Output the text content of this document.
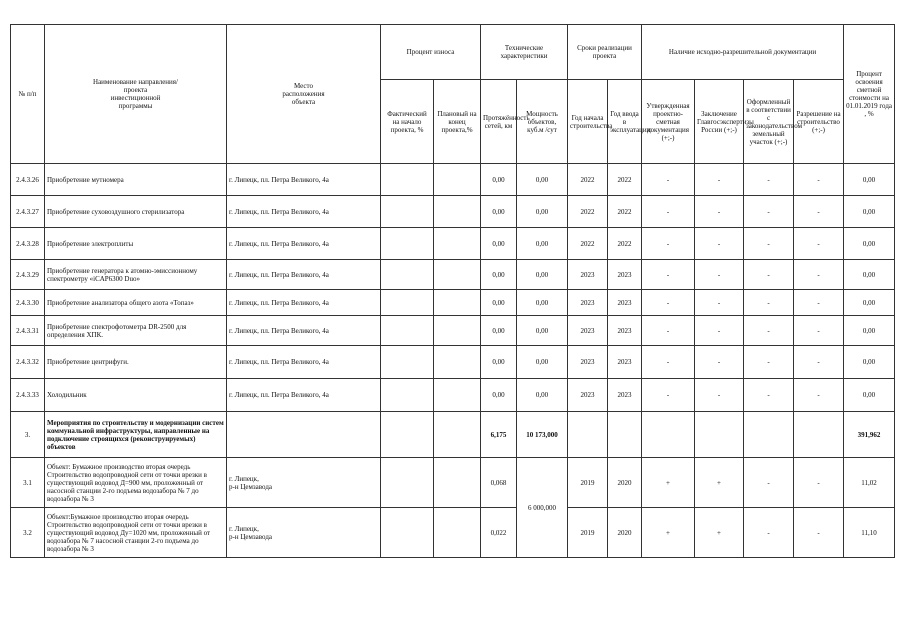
№ п/п	Наименование направления/
проекта
инвестиционной
программы	Место
расположения
объекта	Процент износа		Технические характеристики		Сроки реализации проекта		Наличие исходно-разрешительной документации				Процент освоения сметной стоимости на 01.01.2019 года , %
			Фактический на начало проекта, %	Плановый на конец проекта,%	Протяжённость сетей, км	Мощность объектов, куб.м /сут	Год начала строительства	Год ввода в эксплуатацию	Утвержденная проектно-сметная документация (+;-)	Заключение Главгосэкспертизы России (+;-)	Оформленный в соответствии с законодательством земельный участок (+;-)	Разрешение на строительство (+;-)	
2.4.3.26	Приобретение мутномера	г. Липецк, пл. Петра Великого, 4а			0,00	0,00	2022	2022	-	-	-	-	0,00
2.4.3.27	Приобретение суховоздушного стерилизатора	г. Липецк, пл. Петра Великого, 4а			0,00	0,00	2022	2022	-	-	-	-	0,00
2.4.3.28	Приобретение электроплиты	г. Липецк, пл. Петра Великого, 4а			0,00	0,00	2022	2022	-	-	-	-	0,00
2.4.3.29	Приобретение генератора к атомно-эмиссионному спектрометру «iCAP6300 Duo»	г. Липецк, пл. Петра Великого, 4а			0,00	0,00	2023	2023	-	-	-	-	0,00
2.4.3.30	Приобретение анализатора общего азота «Топаз»	г. Липецк, пл. Петра Великого, 4а			0,00	0,00	2023	2023	-	-	-	-	0,00
2.4.3.31	Приобретение спектрофотометра DR-2500 для определения ХПК.	г. Липецк, пл. Петра Великого, 4а			0,00	0,00	2023	2023	-	-	-	-	0,00
2.4.3.32	Приобретение центрифуги.	г. Липецк, пл. Петра Великого, 4а			0,00	0,00	2023	2023	-	-	-	-	0,00
2.4.3.33	Холодильник	г. Липецк, пл. Петра Великого, 4а			0,00	0,00	2023	2023	-	-	-	-	0,00
3.	Мероприятия по строительству и модернизации систем коммунальной инфраструктуры, направленные на подключение строящихся (реконструируемых) объектов				6,175	10 173,000							391,962
3.1	Объект: Бумажное производство вторая очередь Строительство водопроводной сети от точки врезки в существующий водовод Д=900 мм, проложенный от насосной станции 2-го подъема водозабора № 7 до водозабора № 3	г. Липецк,
р-н Цемзавода			0,068	6 000,000	2019	2020	+	+	-	-	11,02
3.2	Объект:Бумажное производство вторая очередь Строительство водопроводной сети от точки врезки в существующий водовод Ду=1020 мм, проложенный от водозабора № 7 насосной станции 2-го подъема до водозабора № 3	г. Липецк,
р-н Цемзавода			0,022		2019	2020	+	+	-	-	11,10
